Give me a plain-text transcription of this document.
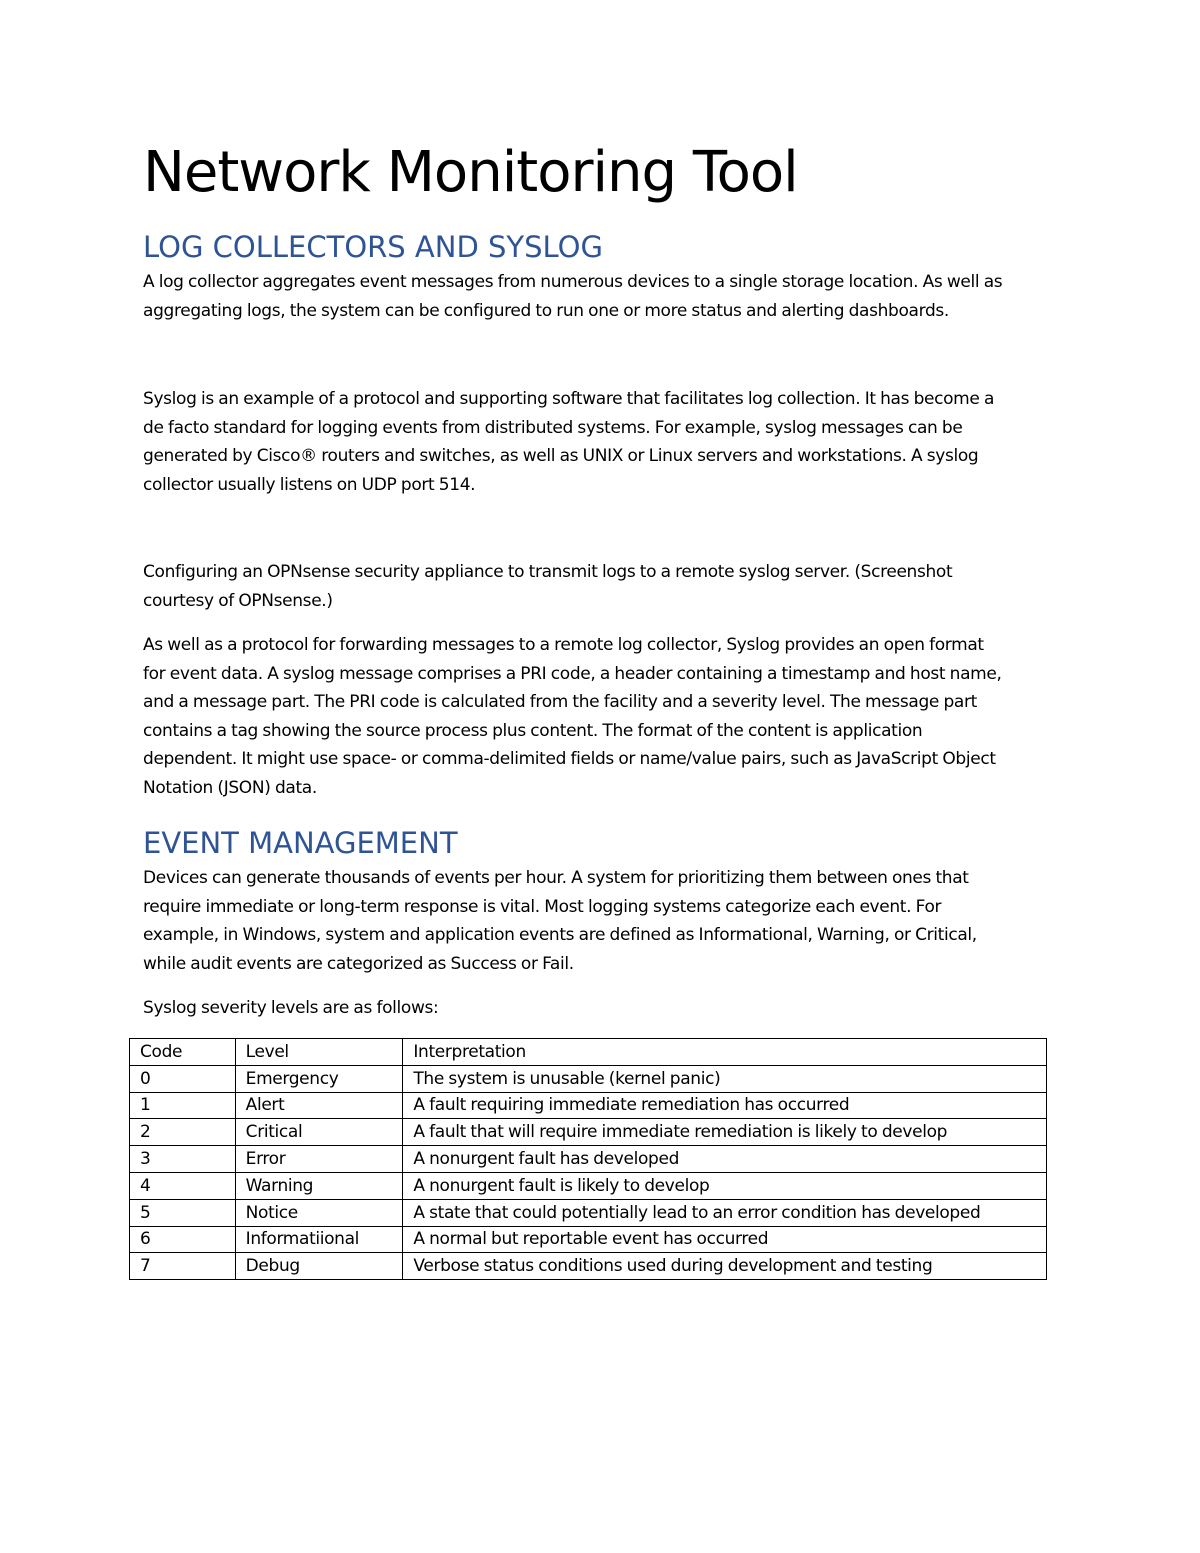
Network Monitoring Tool
LOG COLLECTORS AND SYSLOG

A log collector aggregates event messages from numerous devices to a single storage location. As well as
aggregating logs, the system can be configured to run one or more status and alerting dashboards.

Syslog is an example of a protocol and supporting software that facilitates log collection. It has become a
de facto standard for logging events from distributed systems. For example, syslog messages can be
generated by Cisco® routers and switches, as well as UNIX or Linux servers and workstations. A syslog
collector usually listens on UDP port 514.

Configuring an OPNsense security appliance to transmit logs to a remote syslog server. (Screenshot
courtesy of OPNsense.)

As well as a protocol for forwarding messages to a remote log collector, Syslog provides an open format
for event data. A syslog message comprises a PRI code, a header containing a timestamp and host name,
and a message part. The PRI code is calculated from the facility and a severity level. The message part
contains a tag showing the source process plus content. The format of the content is application
dependent. It might use space- or comma-delimited fields or name/value pairs, such as JavaScript Object
Notation (JSON) data.

EVENT MANAGEMENT

Devices can generate thousands of events per hour. A system for prioritizing them between ones that
require immediate or long-term response is vital. Most logging systems categorize each event. For
example, in Windows, system and application events are defined as Informational, Warning, or Critical,
while audit events are categorized as Success or Fail.

Syslog severity levels are as follows:

Code	Level	Interpretation
0	Emergency	The system is unusable (kernel panic)
1	Alert	A fault requiring immediate remediation has occurred
2	Critical	A fault that will require immediate remediation is likely to develop
3	Error	A nonurgent fault has developed
4	Warning	A nonurgent fault is likely to develop
5	Notice	A state that could potentially lead to an error condition has developed
6	Informatiional	A normal but reportable event has occurred
7	Debug	Verbose status conditions used during development and testing
